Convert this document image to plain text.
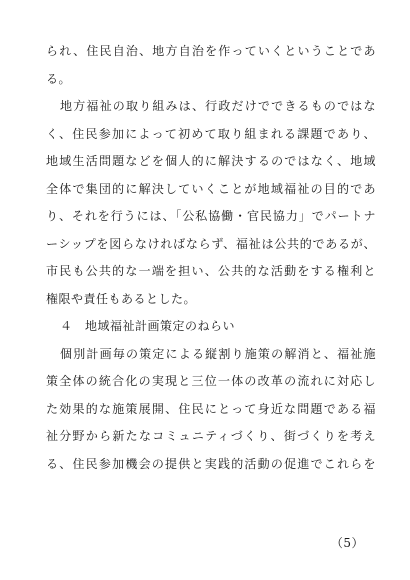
られ、住民自治、地方自治を作っていくということであ
る。
地方福祉の取り組みは、行政だけでできるものではな
く、住民参加によって初めて取り組まれる課題であり、
地域生活問題などを個人的に解決するのではなく、地域
全体で集団的に解決していくことが地域福祉の目的であ
り、それを行うには、「公私協働・官民協力」でパートナ
ーシップを図らなければならず、福祉は公共的であるが、
市民も公共的な一端を担い、公共的な活動をする権利と
権限や責任もあるとした。
４　地域福祉計画策定のねらい
個別計画毎の策定による縦割り施策の解消と、福祉施
策全体の統合化の実現と三位一体の改革の流れに対応し
た効果的な施策展開、住民にとって身近な問題である福
祉分野から新たなコミュニティづくり、街づくりを考え
る、住民参加機会の提供と実践的活動の促進でこれらを
（5）
